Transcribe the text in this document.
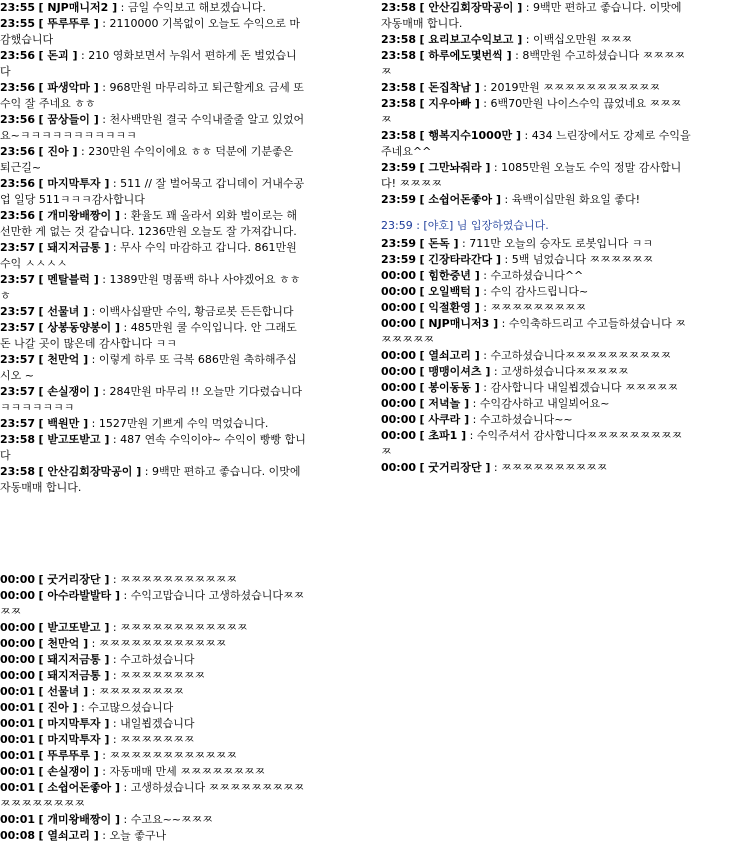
23:55 [ NJP매니저2 ] : 금일 수익보고 해보겠습니다.
23:55 [ 뚜루뚜루 ] : 2110000 기복없이 오늘도 수익으로 마감했습니다
23:56 [ 돈괴 ] : 210 영화보면서 누워서 편하게 돈 벌었습니다
23:56 [ 파생악마 ] : 968만원 마무리하고 퇴근할게요 금세 또 수익 잘 주네요 ㅎㅎ
23:56 [ 꿈상들이 ] : 천사백만원 결국 수익내줄줄 알고 있었어요~ㅋㅋㅋㅋㅋㅋㅋㅋㅋㅋㅋ
23:56 [ 진아 ] : 230만원 수익이에요 ㅎㅎ 덕분에 기분좋은 퇴근길~
23:56 [ 마지막투자 ] : 511 // 잘 벌어묵고 갑니데이 거내수공업 일당 511ㅋㅋㅋ감사합니다
23:56 [ 개미왕배짱이 ] : 환율도 꽤 올라서 외화 벌이로는 해선만한 게 없는 것 같습니다. 1236만원 오늘도 잘 가져갑니다.
23:57 [ 돼지저금통 ] : 무사 수익 마감하고 갑니다. 861만원 수익 ㅅㅅㅅㅅ
23:57 [ 멘탈블럭 ] : 1389만원 명품백 하나 사야겠어요 ㅎㅎㅎ
23:57 [ 선물녀 ] : 이백사십팔만 수익, 황금로봇 든든합니다
23:57 [ 상봉동양봉이 ] : 485만원 쿨 수익입니다. 안 그래도 돈 나갈 곳이 많은데 감사합니다 ㅋㅋ
23:57 [ 천만억 ] : 이렇게 하루 또 극복 686만원 축하해주십시오 ~
23:57 [ 손실쟁이 ] : 284만원 마무리 !! 오늘만 기다렸습니다 ㅋㅋㅋㅋㅋㅋㅋ
23:57 [ 백원만 ] : 1527만원 기쁘게 수익 먹었습니다.
23:58 [ 받고또받고 ] : 487 연속 수익이야~ 수익이 빵빵 합니다
23:58 [ 안산김회장막공이 ] : 9백만 편하고 좋습니다. 이맛에 자동매매 합니다.
23:58 [ 안산김회장막공이 ] : 9백만 편하고 좋습니다. 이맛에 자동매매 합니다.
23:58 [ 요리보고수익보고 ] : 이백십오만원 ㅉㅉㅉ
23:58 [ 하루에도몇번씩 ] : 8백만원 수고하셨습니다 ㅉㅉㅉㅉㅉ
23:58 [ 돈집착남 ] : 2019만원 ㅉㅉㅉㅉㅉㅉㅉㅉㅉㅉㅉ
23:58 [ 지우아빠 ] : 6백70만원 나이스수익 끊었네요 ㅉㅉㅉㅉ
23:58 [ 행복지수1000만 ] : 434 느린장에서도 강제로 수익을 주네요^^
23:59 [ 그만놔줘라 ] : 1085만원 오늘도 수익 정말 감사합니다! ㅉㅉㅉㅉ
23:59 [ 소쉽어돈좋아 ] : 육백이십만원 화요일 좋다!
23:59 : [야호] 님 입장하였습니다.
23:59 [ 돈독 ] : 711만 오늘의 승자도 로봇입니다 ㅋㅋ
23:59 [ 긴장타라간다 ] : 5백 넘었습니다 ㅉㅉㅉㅉㅉㅉ
00:00 [ 힘한중년 ] : 수고하셨습니다^^
00:00 [ 오일백턱 ] : 수익 감사드립니다~
00:00 [ 익절환영 ] : ㅉㅉㅉㅉㅉㅉㅉㅉㅉ
00:00 [ NJP매니저3 ] : 수익축하드리고 수고들하셨습니다 ㅉㅉㅉㅉㅉㅉ
00:00 [ 열쇠고리 ] : 수고하셨습니다ㅉㅉㅉㅉㅉㅉㅉㅉㅉㅉ
00:00 [ 맹맹이셔츠 ] : 고생하셨습니다ㅉㅉㅉㅉㅉ
00:00 [ 봉이동동 ] : 감사합니다 내일뵙겠습니다 ㅉㅉㅉㅉㅉ
00:00 [ 저녁놀 ] : 수익감사하고 내일뵈어요~
00:00 [ 사쿠라 ] : 수고하셨습니다~~
00:00 [ 초파1 ] : 수익주셔서 감사합니다ㅉㅉㅉㅉㅉㅉㅉㅉㅉㅉ
00:00 [ 굿거리장단 ] : ㅉㅉㅉㅉㅉㅉㅉㅉㅉㅉ
00:00 [ 굿거리장단 ] : ㅉㅉㅉㅉㅉㅉㅉㅉㅉㅉㅉ
00:00 [ 아수라발발타 ] : 수익고맙습니다 고생하셨습니다ㅉㅉㅉㅉ
00:00 [ 받고또받고 ] : ㅉㅉㅉㅉㅉㅉㅉㅉㅉㅉㅉㅉ
00:00 [ 천만억 ] : ㅉㅉㅉㅉㅉㅉㅉㅉㅉㅉㅉㅉ
00:00 [ 돼지저금통 ] : 수고하셨습니다
00:00 [ 돼지저금통 ] : ㅉㅉㅉㅉㅉㅉㅉㅉ
00:01 [ 선물녀 ] : ㅉㅉㅉㅉㅉㅉㅉㅉ
00:01 [ 진아 ] : 수고많으셨습니다
00:01 [ 마지막투자 ] : 내일뵙겠습니다
00:01 [ 마지막투자 ] : ㅉㅉㅉㅉㅉㅉㅉ
00:01 [ 뚜루뚜루 ] : ㅉㅉㅉㅉㅉㅉㅉㅉㅉㅉㅉㅉ
00:01 [ 손실쟁이 ] : 자동매매 만세 ㅉㅉㅉㅉㅉㅉㅉㅉ
00:01 [ 소쉽어돈좋아 ] : 고생하셨습니다 ㅉㅉㅉㅉㅉㅉㅉㅉㅉㅉㅉㅉㅉㅉㅉㅉㅉ
00:01 [ 개미왕배짱이 ] : 수고요~~ㅉㅉㅉ
00:08 [ 열쇠고리 ] : 오늘 좋구나
